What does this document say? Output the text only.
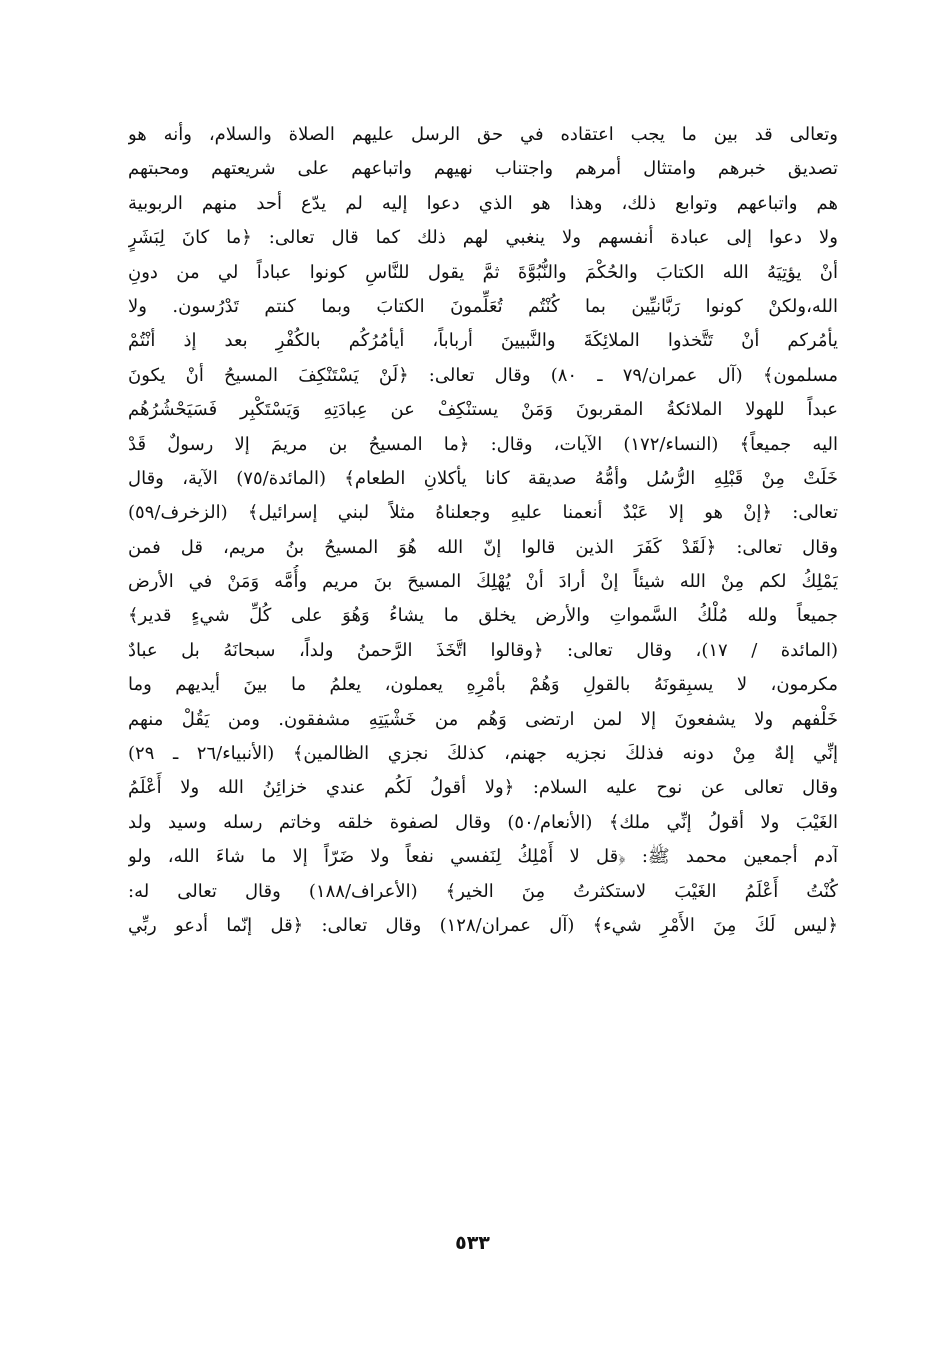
وتعالى قد بين ما يجب اعتقاده في حق الرسل عليهم الصلاة والسلام، وأنه هو
تصديق خبرهم وامتثال أمرهم واجتناب نهيهم واتباعهم على شريعتهم ومحبتهم
هم واتباعهم وتوابع ذلك، وهذا هو الذي دعوا إليه لم يدّع أحد منهم الربوبية
ولا دعوا إلى عبادة أنفسهم ولا ينغبي لهم ذلك كما قال تعالى: ﴿ما كانَ لِبَشَرٍ
أنْ يؤتِيَهُ الله الكتابَ والحُكْمَ والنُّبُوَّةَ ثمَّ يقول للنَّاسِ كونوا عباداً لي من دونِ
الله،ولكنْ كونوا رَبَّانيِّين بما كُنْتُم تُعَلِّمونَ الكتابَ وبما كنتم تَدْرُسون. ولا
يأمُركم أنْ تَتَّخذوا الملائِكَةَ والنَّبيينَ أرباباً، أيأمُرُكُم بالكُفْرِ بعد إذ أنْتُمْ
مسلمون﴾ (آل عمران/٧٩ ـ ٨٠) وقال تعالى: ﴿لَنْ يَسْتَنْكِفَ المسيحُ أنْ يكونَ
عبداً للهولا الملائكةُ المقربونَ وَمَنْ يستنْكِفْ عن عِبادَتِهِ وَيَسْتَكْبِر فَسَيَحْشُرُهُم
اليه جميعاً﴾ (النساء/١٧٢) الآيات، وقال: ﴿ما المسيحُ بن مريمَ إلا رسولٌ قَدْ
خَلَتْ مِنْ قَبْلِهِ الرُّسُل وأمُّهُ صديقة كانا يأكلانِ الطعام﴾ (المائدة/٧٥) الآية، وقال
تعالى: ﴿إنْ هو إلا عَبْدٌ أنعمنا عليهِ وجعلناهُ مثلاً لبني إسرائيل﴾ (الزخرف/٥٩)
وقال تعالى: ﴿لَقَدْ كَفَرَ الذين قالوا إنّ الله هُوَ المسيحُ بنُ مريم، قل فمن
يَمْلِكُ لكم مِنْ الله شيئاً إنْ أرادَ أنْ يُهْلِكَ المسيحَ بنَ مريم وأُمَّه وَمَنْ في الأرض
جميعاً ولله مُلْكُ السَّمواتِ والأرض يخلق ما يشاءُ وَهُوَ على كُلِّ شيءٍ قدير﴾
(المائدة / ١٧)، وقال تعالى: ﴿وقالوا اتَّخَذَ الرَّحمنُ ولداً، سبحانَهُ بل عبادٌ
مكرمون، لا يسبِقونَهُ بالقولِ وَهُمْ بأمْرِهِ يعملون، يعلمُ ما بينَ أيديهم وما
خَلْفهم ولا يشفعونَ إلا لمن ارتضى وَهُم من خَشْيَتِهِ مشفقون. ومن يَقُلْ منهم
إنِّي إلهٌ مِنْ دونه فذلكَ نجزيه جهنم، كذلكَ نجزي الظالمين﴾ (الأنبياء/٢٦ ـ ٢٩)
وقال تعالى عن نوح عليه السلام: ﴿ولا أقولُ لَكُم عندي خزائِنُ الله ولا أَعْلَمُ
الغَيْبَ ولا أقولُ إنِّي ملك﴾ (الأنعام/٥٠) وقال لصفوة خلقه وخاتم رسله وسيد ولد
آدم أجمعين محمد ﷺ: ﴿قل لا أَمْلِكُ لِنَفسي نفعاً ولا ضَرّاً إلا ما شاءَ الله، ولو
كُنْتُ أَعْلَمُ الغَيْبَ لاستكثرتُ مِنَ الخير﴾ (الأعراف/١٨٨) وقال تعالى له:
﴿ليس لَكَ مِنَ الأَمْرِ شيء﴾ (آل عمران/١٢٨) وقال تعالى: ﴿قل إنّما أدعو ربِّي
٥٣٣
